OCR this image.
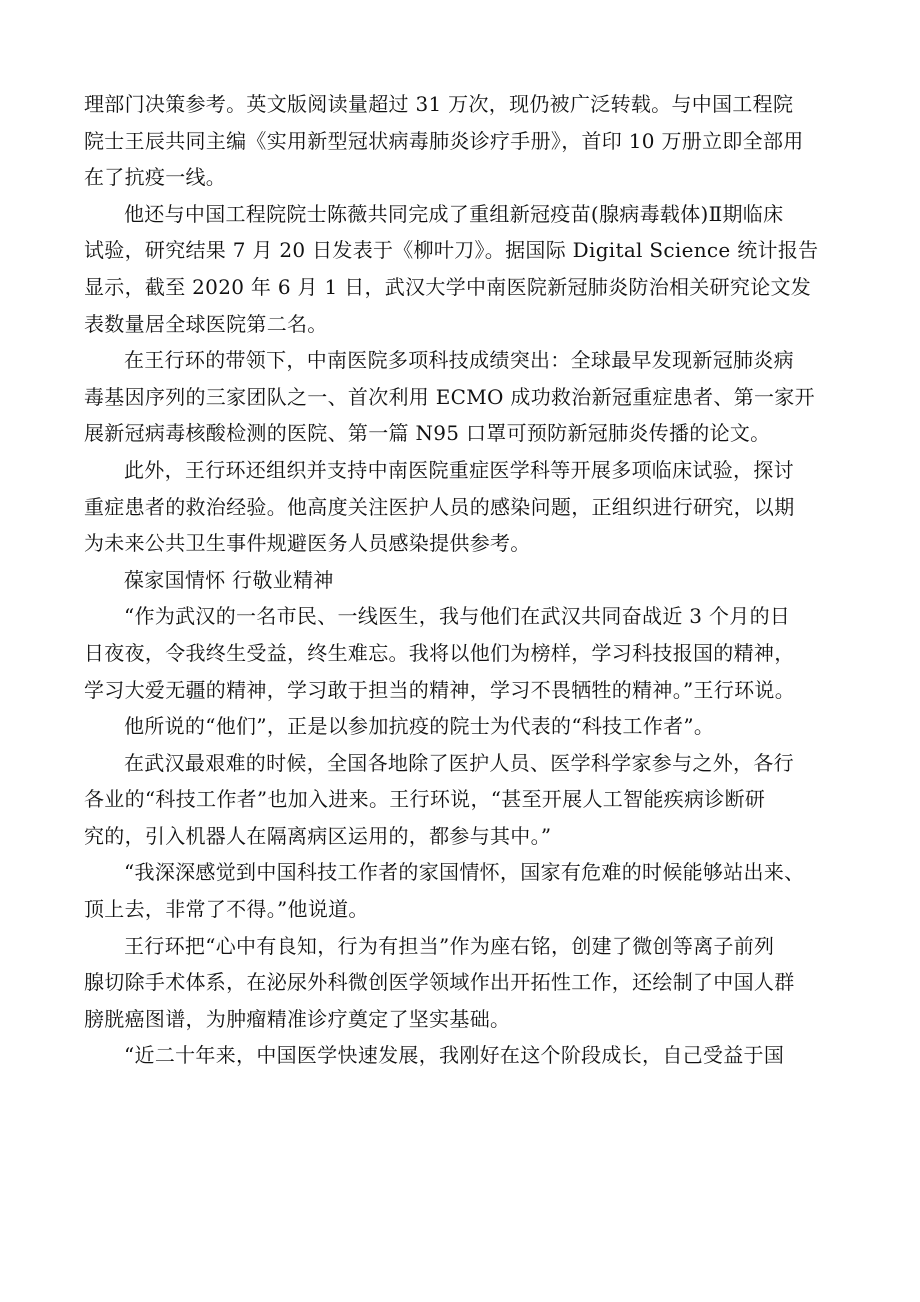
理部门决策参考。英文版阅读量超过 31 万次，现仍被广泛转载。与中国工程院
院士王辰共同主编《实用新型冠状病毒肺炎诊疗手册》，首印 10 万册立即全部用
在了抗疫一线。

他还与中国工程院院士陈薇共同完成了重组新冠疫苗(腺病毒载体)Ⅱ期临床
试验，研究结果 7 月 20 日发表于《柳叶刀》。据国际 Digital Science 统计报告
显示，截至 2020 年 6 月 1 日，武汉大学中南医院新冠肺炎防治相关研究论文发
表数量居全球医院第二名。

在王行环的带领下，中南医院多项科技成绩突出：全球最早发现新冠肺炎病
毒基因序列的三家团队之一、首次利用 ECMO 成功救治新冠重症患者、第一家开
展新冠病毒核酸检测的医院、第一篇 N95 口罩可预防新冠肺炎传播的论文。

此外，王行环还组织并支持中南医院重症医学科等开展多项临床试验，探讨
重症患者的救治经验。他高度关注医护人员的感染问题，正组织进行研究，以期
为未来公共卫生事件规避医务人员感染提供参考。

葆家国情怀 行敬业精神

“作为武汉的一名市民、一线医生，我与他们在武汉共同奋战近 3 个月的日
日夜夜，令我终生受益，终生难忘。我将以他们为榜样，学习科技报国的精神，
学习大爱无疆的精神，学习敢于担当的精神，学习不畏牺牲的精神。”王行环说。

他所说的“他们”，正是以参加抗疫的院士为代表的“科技工作者”。

在武汉最艰难的时候，全国各地除了医护人员、医学科学家参与之外，各行
各业的“科技工作者”也加入进来。王行环说，“甚至开展人工智能疾病诊断研
究的，引入机器人在隔离病区运用的，都参与其中。”

“我深深感觉到中国科技工作者的家国情怀，国家有危难的时候能够站出来、
顶上去，非常了不得。”他说道。

王行环把“心中有良知，行为有担当”作为座右铭，创建了微创等离子前列
腺切除手术体系，在泌尿外科微创医学领域作出开拓性工作，还绘制了中国人群
膀胱癌图谱，为肿瘤精准诊疗奠定了坚实基础。

“近二十年来，中国医学快速发展，我刚好在这个阶段成长，自己受益于国
